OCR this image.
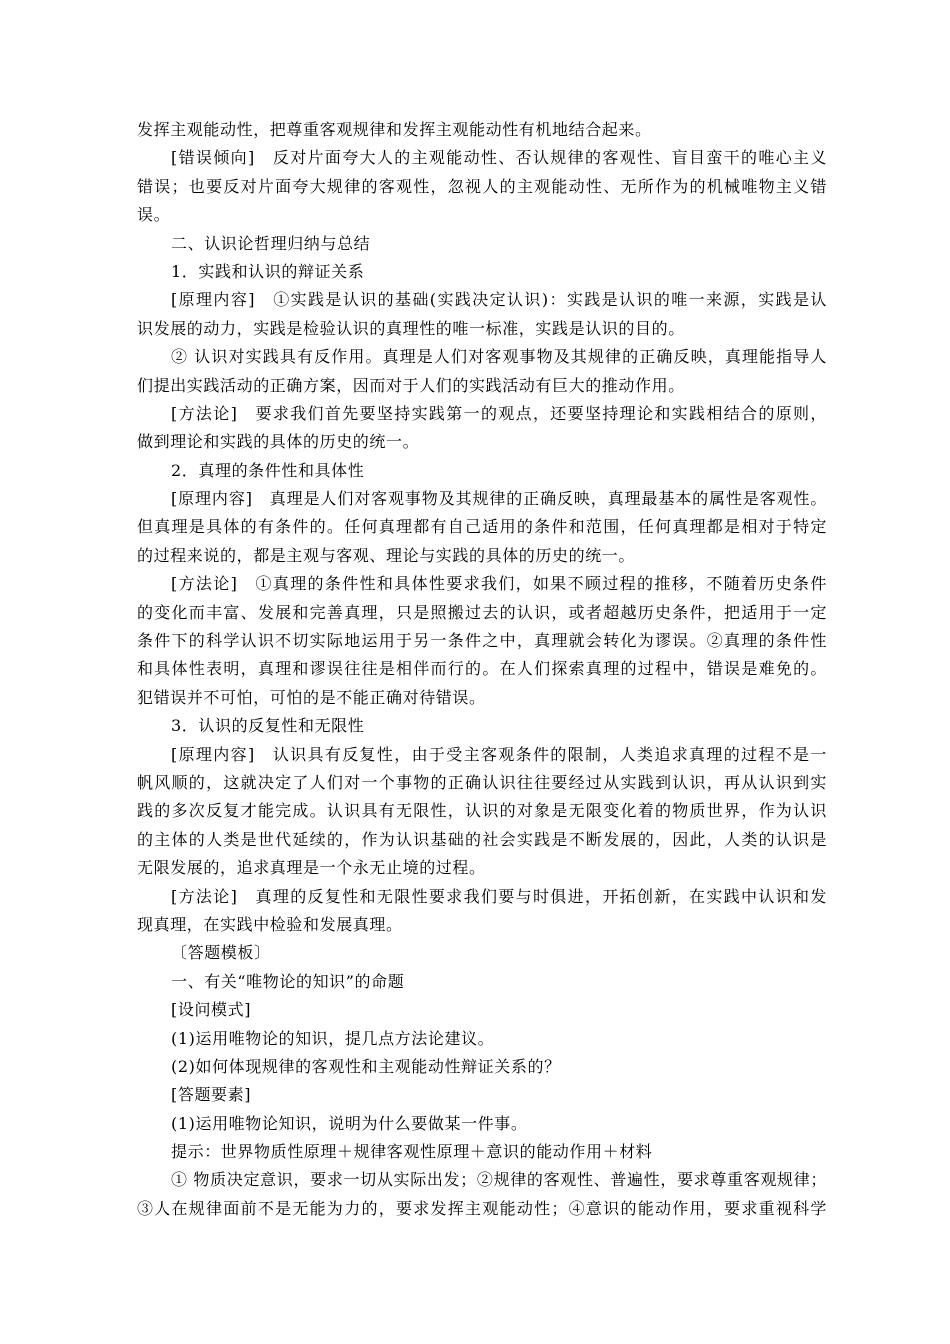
发挥主观能动性，把尊重客观规律和发挥主观能动性有机地结合起来。
[错误倾向]　反对片面夸大人的主观能动性、否认规律的客观性、盲目蛮干的唯心主义
错误；也要反对片面夸大规律的客观性，忽视人的主观能动性、无所作为的机械唯物主义错
误。
二、认识论哲理归纳与总结
1．实践和认识的辩证关系
[原理内容]　①实践是认识的基础(实践决定认识)：实践是认识的唯一来源，实践是认
识发展的动力，实践是检验认识的真理性的唯一标准，实践是认识的目的。
② 认识对实践具有反作用。真理是人们对客观事物及其规律的正确反映，真理能指导人
们提出实践活动的正确方案，因而对于人们的实践活动有巨大的推动作用。
[方法论]　要求我们首先要坚持实践第一的观点，还要坚持理论和实践相结合的原则，
做到理论和实践的具体的历史的统一。
2．真理的条件性和具体性
[原理内容]　真理是人们对客观事物及其规律的正确反映，真理最基本的属性是客观性。
但真理是具体的有条件的。任何真理都有自己适用的条件和范围，任何真理都是相对于特定
的过程来说的，都是主观与客观、理论与实践的具体的历史的统一。
[方法论]　①真理的条件性和具体性要求我们，如果不顾过程的推移，不随着历史条件
的变化而丰富、发展和完善真理，只是照搬过去的认识，或者超越历史条件，把适用于一定
条件下的科学认识不切实际地运用于另一条件之中，真理就会转化为谬误。②真理的条件性
和具体性表明，真理和谬误往往是相伴而行的。在人们探索真理的过程中，错误是难免的。
犯错误并不可怕，可怕的是不能正确对待错误。
3．认识的反复性和无限性
[原理内容]　认识具有反复性，由于受主客观条件的限制，人类追求真理的过程不是一
帆风顺的，这就决定了人们对一个事物的正确认识往往要经过从实践到认识，再从认识到实
践的多次反复才能完成。认识具有无限性，认识的对象是无限变化着的物质世界，作为认识
的主体的人类是世代延续的，作为认识基础的社会实践是不断发展的，因此，人类的认识是
无限发展的，追求真理是一个永无止境的过程。
[方法论]　真理的反复性和无限性要求我们要与时俱进，开拓创新，在实践中认识和发
现真理，在实践中检验和发展真理。
〔答题模板〕
一、有关“唯物论的知识”的命题
[设问模式]
(1)运用唯物论的知识，提几点方法论建议。
(2)如何体现规律的客观性和主观能动性辩证关系的？
[答题要素]
(1)运用唯物论知识，说明为什么要做某一件事。
提示：世界物质性原理＋规律客观性原理＋意识的能动作用＋材料
① 物质决定意识，要求一切从实际出发；②规律的客观性、普遍性，要求尊重客观规律；
③人在规律面前不是无能为力的，要求发挥主观能动性；④意识的能动作用，要求重视科学
